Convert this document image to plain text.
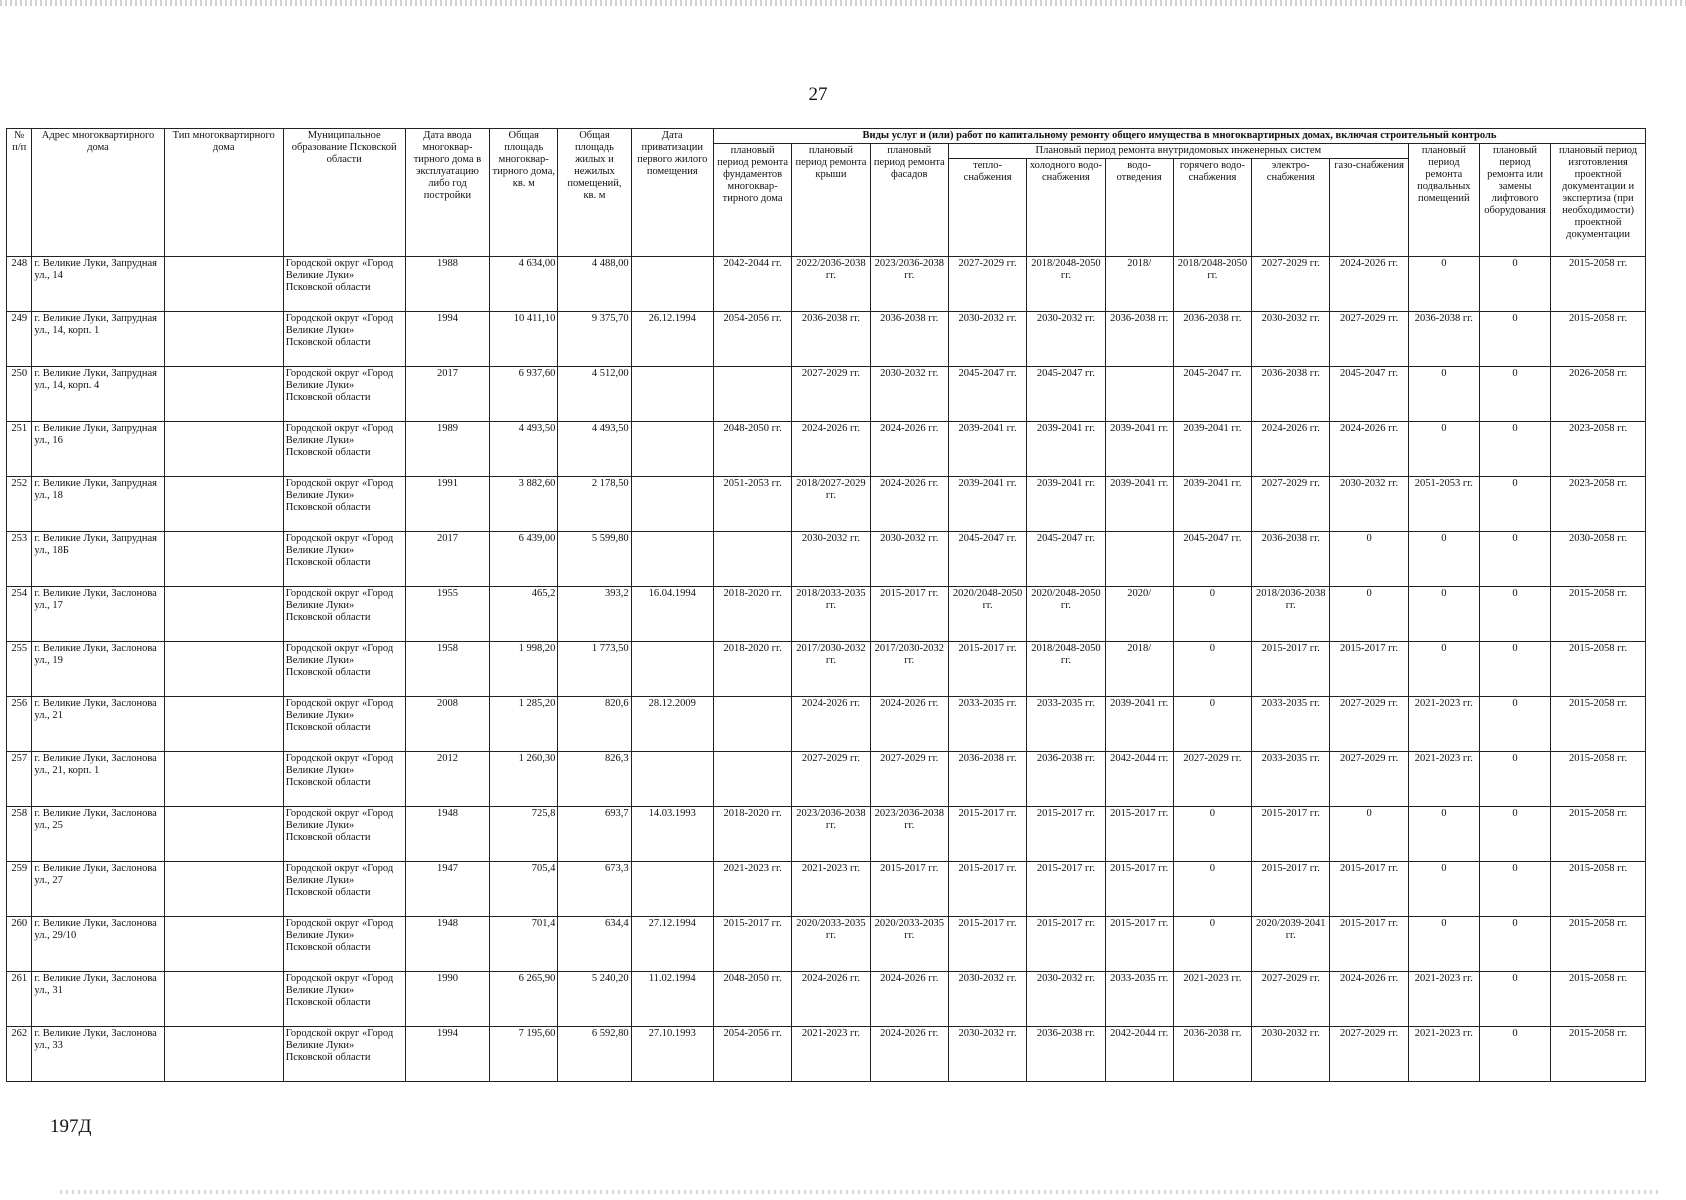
27
№ п/п	Адрес многоквартирного дома	Тип многоквартирного дома	Муниципальное образование Псковской области	Дата ввода многоквар-тирного дома в эксплуатацию либо год постройки	Общая площадь многоквар-тирного дома, кв. м	Общая площадь жилых и нежилых помещений, кв. м	Дата приватизации первого жилого помещения	Виды услуг и (или) работ по капитальному ремонту общего имущества в многоквартирных домах, включая строительный контроль											
								плановый период ремонта фундаментов многоквар-тирного дома	плановый период ремонта крыши	плановый период ремонта фасадов	Плановый период ремонта внутридомовых инженерных систем						плановый период ремонта подвальных помещений	плановый период ремонта или замены лифтового оборудования	плановый период изготовления проектной документации и экспертиза (при необходимости) проектной документации
											тепло-снабжения	холодного водо-снабжения	водо-отведения	горячего водо-снабжения	электро-снабжения	газо-снабжения			
248	г. Великие Луки, Запрудная ул., 14		Городской округ «Город Великие Луки» Псковской области	1988	4 634,00	4 488,00		2042-2044 гг.	2022/2036-2038 гг.	2023/2036-2038 гг.	2027-2029 гг.	2018/2048-2050 гг.	2018/	2018/2048-2050 гг.	2027-2029 гг.	2024-2026 гг.	0	0	2015-2058 гг.
249	г. Великие Луки, Запрудная ул., 14, корп. 1		Городской округ «Город Великие Луки» Псковской области	1994	10 411,10	9 375,70	26.12.1994	2054-2056 гг.	2036-2038 гг.	2036-2038 гг.	2030-2032 гг.	2030-2032 гг.	2036-2038 гг.	2036-2038 гг.	2030-2032 гг.	2027-2029 гг.	2036-2038 гг.	0	2015-2058 гг.
250	г. Великие Луки, Запрудная ул., 14, корп. 4		Городской округ «Город Великие Луки» Псковской области	2017	6 937,60	4 512,00			2027-2029 гг.	2030-2032 гг.	2045-2047 гг.	2045-2047 гг.		2045-2047 гг.	2036-2038 гг.	2045-2047 гг.	0	0	2026-2058 гг.
251	г. Великие Луки, Запрудная ул., 16		Городской округ «Город Великие Луки» Псковской области	1989	4 493,50	4 493,50		2048-2050 гг.	2024-2026 гг.	2024-2026 гг.	2039-2041 гг.	2039-2041 гг.	2039-2041 гг.	2039-2041 гг.	2024-2026 гг.	2024-2026 гг.	0	0	2023-2058 гг.
252	г. Великие Луки, Запрудная ул., 18		Городской округ «Город Великие Луки» Псковской области	1991	3 882,60	2 178,50		2051-2053 гг.	2018/2027-2029 гг.	2024-2026 гг.	2039-2041 гг.	2039-2041 гг.	2039-2041 гг.	2039-2041 гг.	2027-2029 гг.	2030-2032 гг.	2051-2053 гг.	0	2023-2058 гг.
253	г. Великие Луки, Запрудная ул., 18Б		Городской округ «Город Великие Луки» Псковской области	2017	6 439,00	5 599,80			2030-2032 гг.	2030-2032 гг.	2045-2047 гг.	2045-2047 гг.		2045-2047 гг.	2036-2038 гг.	0	0	0	2030-2058 гг.
254	г. Великие Луки, Заслонова ул., 17		Городской округ «Город Великие Луки» Псковской области	1955	465,2	393,2	16.04.1994	2018-2020 гг.	2018/2033-2035 гг.	2015-2017 гг.	2020/2048-2050 гг.	2020/2048-2050 гг.	2020/	0	2018/2036-2038 гг.	0	0	0	2015-2058 гг.
255	г. Великие Луки, Заслонова ул., 19		Городской округ «Город Великие Луки» Псковской области	1958	1 998,20	1 773,50		2018-2020 гг.	2017/2030-2032 гг.	2017/2030-2032 гг.	2015-2017 гг.	2018/2048-2050 гг.	2018/	0	2015-2017 гг.	2015-2017 гг.	0	0	2015-2058 гг.
256	г. Великие Луки, Заслонова ул., 21		Городской округ «Город Великие Луки» Псковской области	2008	1 285,20	820,6	28.12.2009		2024-2026 гг.	2024-2026 гг.	2033-2035 гг.	2033-2035 гг.	2039-2041 гг.	0	2033-2035 гг.	2027-2029 гг.	2021-2023 гг.	0	2015-2058 гг.
257	г. Великие Луки, Заслонова ул., 21, корп. 1		Городской округ «Город Великие Луки» Псковской области	2012	1 260,30	826,3			2027-2029 гг.	2027-2029 гг.	2036-2038 гг.	2036-2038 гг.	2042-2044 гг.	2027-2029 гг.	2033-2035 гг.	2027-2029 гг.	2021-2023 гг.	0	2015-2058 гг.
258	г. Великие Луки, Заслонова ул., 25		Городской округ «Город Великие Луки» Псковской области	1948	725,8	693,7	14.03.1993	2018-2020 гг.	2023/2036-2038 гг.	2023/2036-2038 гг.	2015-2017 гг.	2015-2017 гг.	2015-2017 гг.	0	2015-2017 гг.	0	0	0	2015-2058 гг.
259	г. Великие Луки, Заслонова ул., 27		Городской округ «Город Великие Луки» Псковской области	1947	705,4	673,3		2021-2023 гг.	2021-2023 гг.	2015-2017 гг.	2015-2017 гг.	2015-2017 гг.	2015-2017 гг.	0	2015-2017 гг.	2015-2017 гг.	0	0	2015-2058 гг.
260	г. Великие Луки, Заслонова ул., 29/10		Городской округ «Город Великие Луки» Псковской области	1948	701,4	634,4	27.12.1994	2015-2017 гг.	2020/2033-2035 гг.	2020/2033-2035 гг.	2015-2017 гг.	2015-2017 гг.	2015-2017 гг.	0	2020/2039-2041 гг.	2015-2017 гг.	0	0	2015-2058 гг.
261	г. Великие Луки, Заслонова ул., 31		Городской округ «Город Великие Луки» Псковской области	1990	6 265,90	5 240,20	11.02.1994	2048-2050 гг.	2024-2026 гг.	2024-2026 гг.	2030-2032 гг.	2030-2032 гг.	2033-2035 гг.	2021-2023 гг.	2027-2029 гг.	2024-2026 гг.	2021-2023 гг.	0	2015-2058 гг.
262	г. Великие Луки, Заслонова ул., 33		Городской округ «Город Великие Луки» Псковской области	1994	7 195,60	6 592,80	27.10.1993	2054-2056 гг.	2021-2023 гг.	2024-2026 гг.	2030-2032 гг.	2036-2038 гг.	2042-2044 гг.	2036-2038 гг.	2030-2032 гг.	2027-2029 гг.	2021-2023 гг.	0	2015-2058 гг.
197Д
